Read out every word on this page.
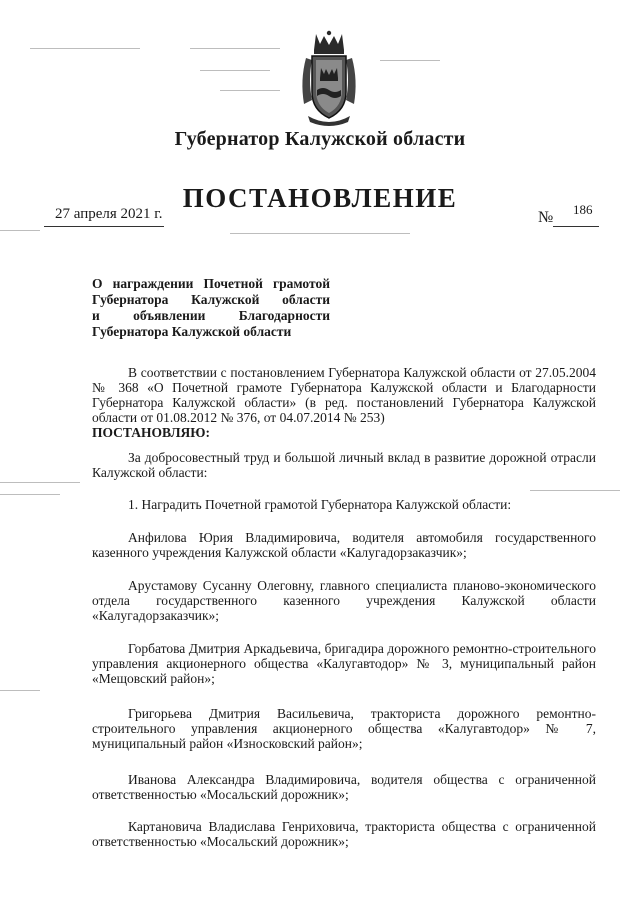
Губернатор Калужской области
ПОСТАНОВЛЕНИЕ
27 апреля 2021 г.	№ 186
О награждении Почетной грамотой
Губернатора Калужской области
и объявлении Благодарности
Губернатора Калужской области
В соответствии с постановлением Губернатора Калужской области от 27.05.2004 № 368 «О Почетной грамоте Губернатора Калужской области и Благодарности Губернатора Калужской области» (в ред. постановлений Губернатора Калужской области от 01.08.2012 № 376, от 04.07.2014 № 253)
ПОСТАНОВЛЯЮ:
За добросовестный труд и большой личный вклад в развитие дорожной отрасли Калужской области:
1. Наградить Почетной грамотой Губернатора Калужской области:
Анфилова Юрия Владимировича, водителя автомобиля государственного казенного учреждения Калужской области «Калугадорзаказчик»;
Арустамову Сусанну Олеговну, главного специалиста планово-экономического отдела государственного казенного учреждения Калужской области «Калугадорзаказчик»;
Горбатова Дмитрия Аркадьевича, бригадира дорожного ремонтно-строительного управления акционерного общества «Калугавтодор» № 3, муниципальный район «Мещовский район»;
Григорьева Дмитрия Васильевича, тракториста дорожного ремонтно-строительного управления акционерного общества «Калугавтодор» № 7, муниципальный район «Износковский район»;
Иванова Александра Владимировича, водителя общества с ограниченной ответственностью «Мосальский дорожник»;
Картановича Владислава Генриховича, тракториста общества с ограниченной ответственностью «Мосальский дорожник»;
